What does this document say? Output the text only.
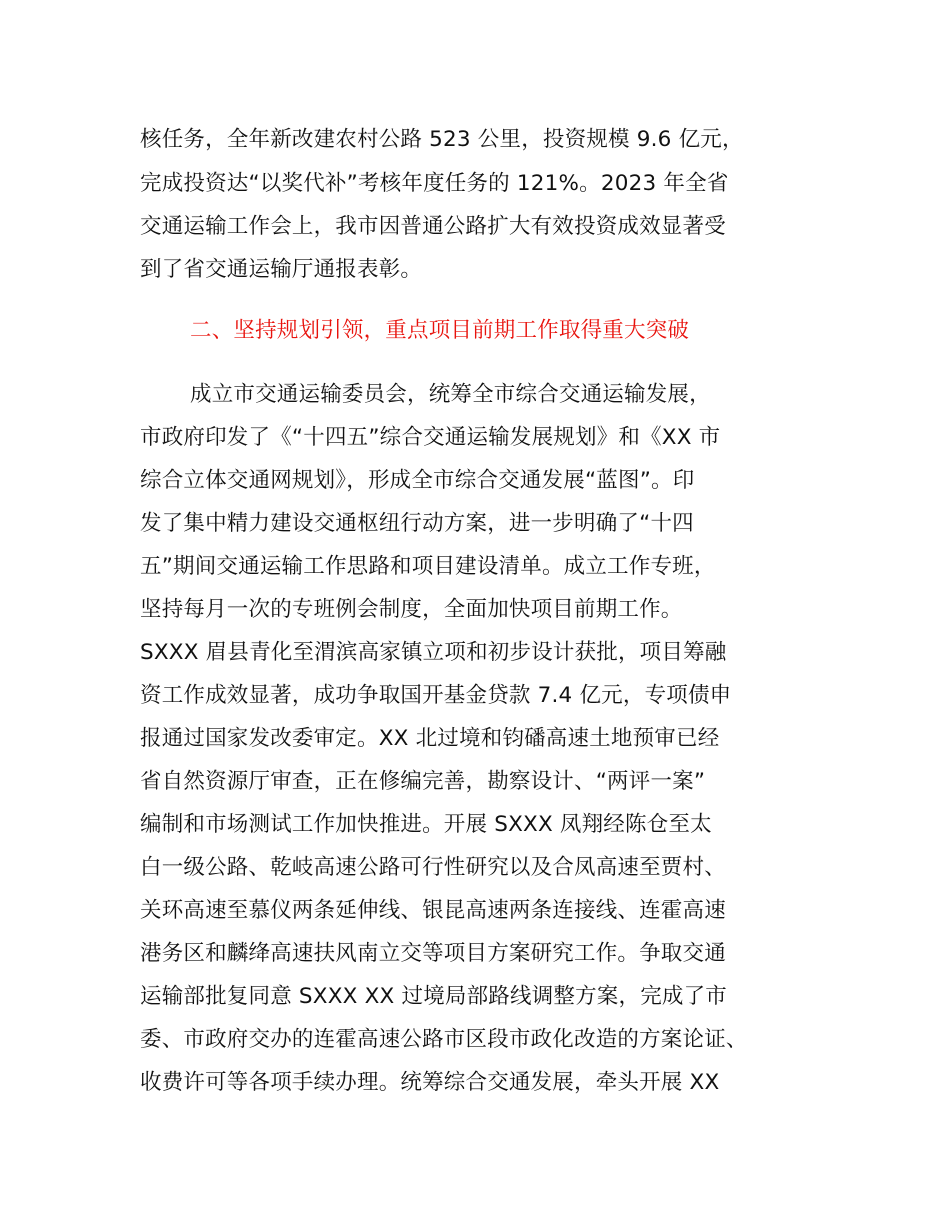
核任务，全年新改建农村公路 523 公里，投资规模 9.6 亿元，
完成投资达“以奖代补”考核年度任务的 121%。2023 年全省
交通运输工作会上，我市因普通公路扩大有效投资成效显著受
到了省交通运输厅通报表彰。
二、坚持规划引领，重点项目前期工作取得重大突破
成立市交通运输委员会，统筹全市综合交通运输发展，
市政府印发了《“十四五”综合交通运输发展规划》和《XX 市
综合立体交通网规划》，形成全市综合交通发展“蓝图”。印
发了集中精力建设交通枢纽行动方案，进一步明确了“十四
五”期间交通运输工作思路和项目建设清单。成立工作专班，
坚持每月一次的专班例会制度，全面加快项目前期工作。
SXXX 眉县青化至渭滨高家镇立项和初步设计获批，项目筹融
资工作成效显著，成功争取国开基金贷款 7.4 亿元，专项债申
报通过国家发改委审定。XX 北过境和钧磻高速土地预审已经
省自然资源厅审查，正在修编完善，勘察设计、“两评一案”
编制和市场测试工作加快推进。开展 SXXX 凤翔经陈仓至太
白一级公路、乾岐高速公路可行性研究以及合凤高速至贾村、
关环高速至慕仪两条延伸线、银昆高速两条连接线、连霍高速
港务区和麟绛高速扶风南立交等项目方案研究工作。争取交通
运输部批复同意 SXXX XX 过境局部路线调整方案，完成了市
委、市政府交办的连霍高速公路市区段市政化改造的方案论证、
收费许可等各项手续办理。统筹综合交通发展，牵头开展 XX
